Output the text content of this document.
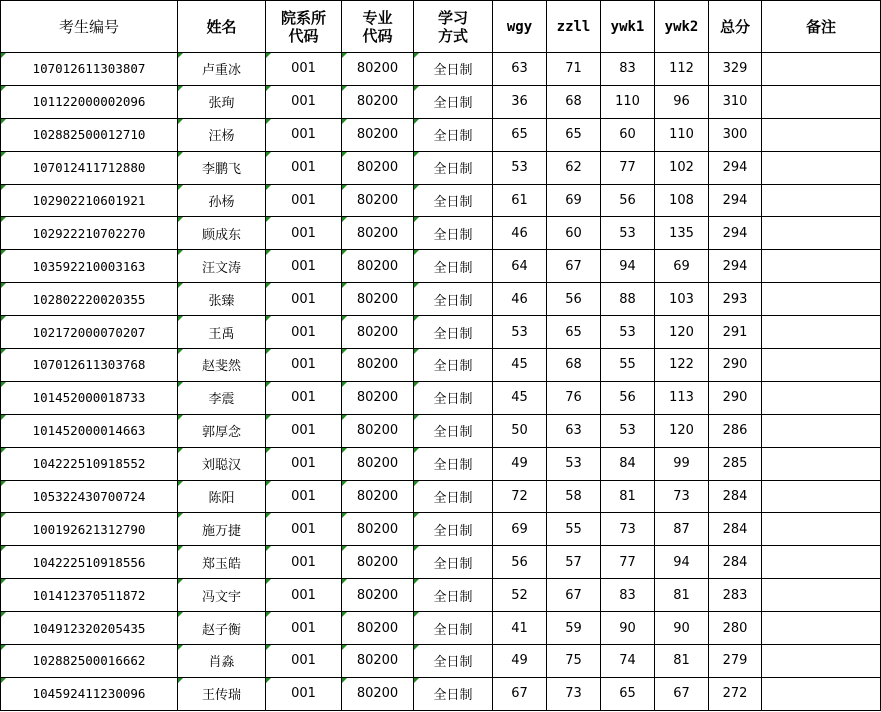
考生编号	姓名	院系所代码	专业代码	学习方式	wgy	zzll	ywk1	ywk2	总分	备注
107012611303807	卢重冰	001	80200	全日制	63	71	83	112	329	
101122000002096	张珣	001	80200	全日制	36	68	110	96	310	
102882500012710	汪杨	001	80200	全日制	65	65	60	110	300	
107012411712880	李鹏飞	001	80200	全日制	53	62	77	102	294	
102902210601921	孙杨	001	80200	全日制	61	69	56	108	294	
102922210702270	顾成东	001	80200	全日制	46	60	53	135	294	
103592210003163	汪文涛	001	80200	全日制	64	67	94	69	294	
102802220020355	张臻	001	80200	全日制	46	56	88	103	293	
102172000070207	王禹	001	80200	全日制	53	65	53	120	291	
107012611303768	赵斐然	001	80200	全日制	45	68	55	122	290	
101452000018733	李震	001	80200	全日制	45	76	56	113	290	
101452000014663	郭厚念	001	80200	全日制	50	63	53	120	286	
104222510918552	刘聪汉	001	80200	全日制	49	53	84	99	285	
105322430700724	陈阳	001	80200	全日制	72	58	81	73	284	
100192621312790	施万捷	001	80200	全日制	69	55	73	87	284	
104222510918556	郑玉皓	001	80200	全日制	56	57	77	94	284	
101412370511872	冯文宇	001	80200	全日制	52	67	83	81	283	
104912320205435	赵子衡	001	80200	全日制	41	59	90	90	280	
102882500016662	肖淼	001	80200	全日制	49	75	74	81	279	
104592411230096	王传瑞	001	80200	全日制	67	73	65	67	272	
